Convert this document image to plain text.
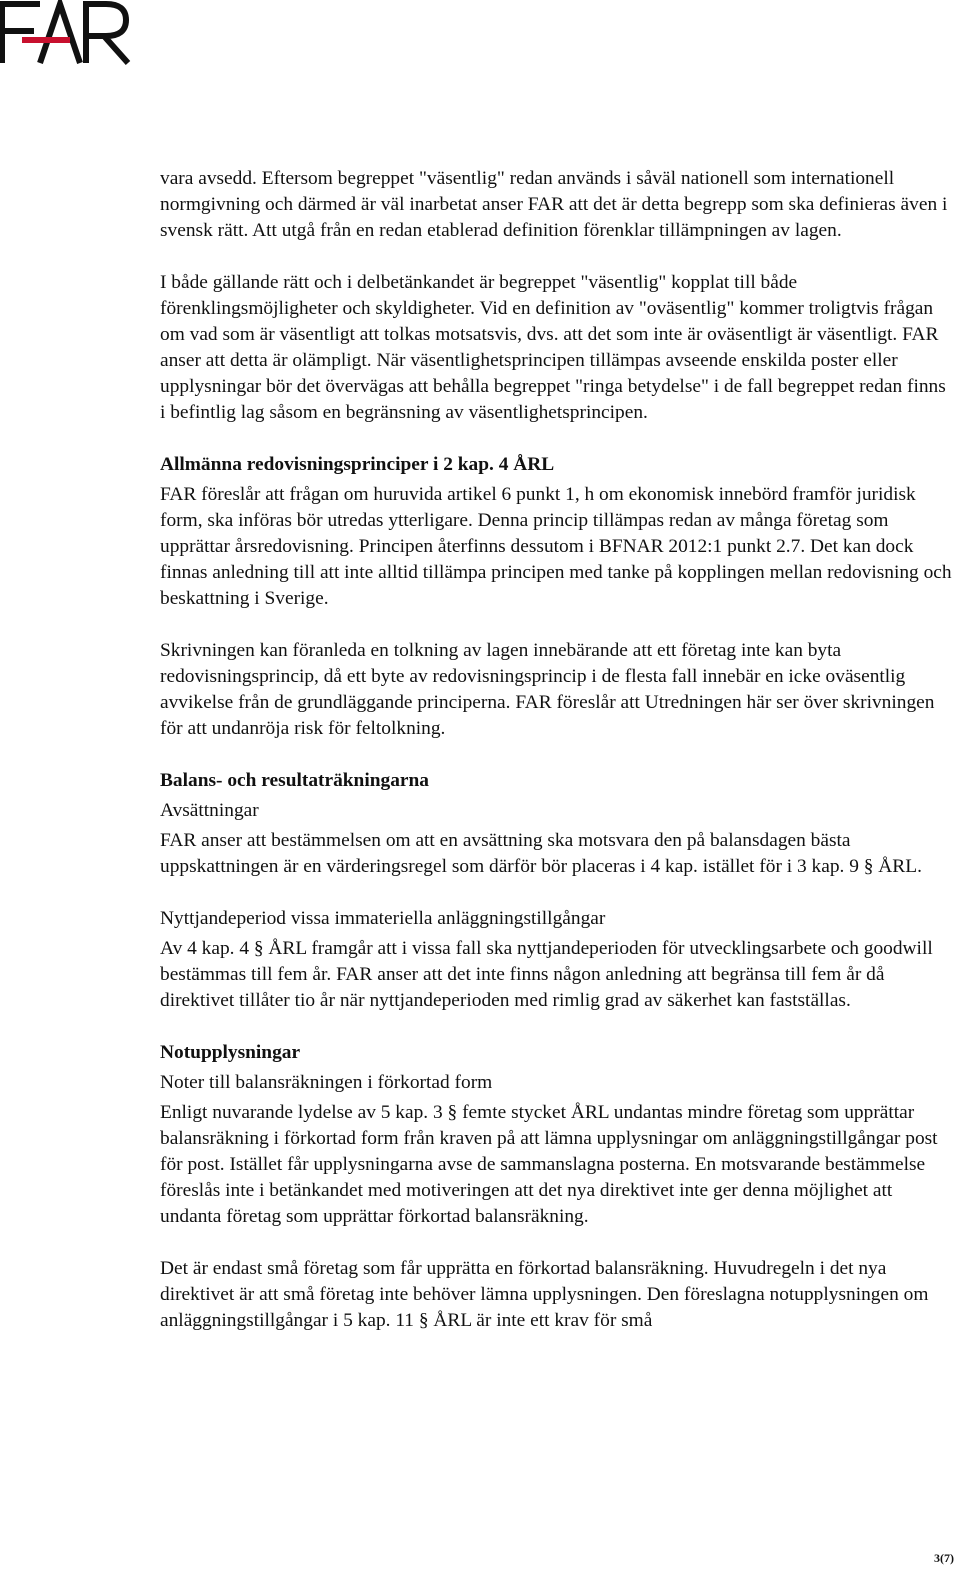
vara avsedd. Eftersom begreppet "väsentlig" redan används i såväl nationell som internationell normgivning och därmed är väl inarbetat anser FAR att det är detta begrepp som ska definieras även i svensk rätt. Att utgå från en redan etablerad definition förenklar tillämpningen av lagen.

I både gällande rätt och i delbetänkandet är begreppet "väsentlig" kopplat till både förenklingsmöjligheter och skyldigheter. Vid en definition av "oväsentlig" kommer troligtvis frågan om vad som är väsentligt att tolkas motsatsvis, dvs. att det som inte är oväsentligt är väsentligt. FAR anser att detta är olämpligt. När väsentlighetsprincipen tillämpas avseende enskilda poster eller upplysningar bör det övervägas att behålla begreppet "ringa betydelse" i de fall begreppet redan finns i befintlig lag såsom en begränsning av väsentlighetsprincipen.

Allmänna redovisningsprinciper i 2 kap. 4 ÅRL

FAR föreslår att frågan om huruvida artikel 6 punkt 1, h om ekonomisk innebörd framför juridisk form, ska införas bör utredas ytterligare. Denna princip tillämpas redan av många företag som upprättar årsredovisning. Principen återfinns dessutom i BFNAR 2012:1 punkt 2.7. Det kan dock finnas anledning till att inte alltid tillämpa principen med tanke på kopplingen mellan redovisning och beskattning i Sverige.

Skrivningen kan föranleda en tolkning av lagen innebärande att ett företag inte kan byta redovisningsprincip, då ett byte av redovisningsprincip i de flesta fall innebär en icke oväsentlig avvikelse från de grundläggande principerna. FAR föreslår att Utredningen här ser över skrivningen för att undanröja risk för feltolkning.

Balans- och resultaträkningarna
Avsättningar

FAR anser att bestämmelsen om att en avsättning ska motsvara den på balansdagen bästa uppskattningen är en värderingsregel som därför bör placeras i 4 kap. istället för i 3 kap. 9 § ÅRL.

Nyttjandeperiod vissa immateriella anläggningstillgångar

Av 4 kap. 4 § ÅRL framgår att i vissa fall ska nyttjandeperioden för utvecklingsarbete och goodwill bestämmas till fem år. FAR anser att det inte finns någon anledning att begränsa till fem år då direktivet tillåter tio år när nyttjandeperioden med rimlig grad av säkerhet kan fastställas.

Notupplysningar
Noter till balansräkningen i förkortad form

Enligt nuvarande lydelse av 5 kap. 3 § femte stycket ÅRL undantas mindre företag som upprättar balansräkning i förkortad form från kraven på att lämna upplysningar om anläggningstillgångar post för post. Istället får upplysningarna avse de sammanslagna posterna. En motsvarande bestämmelse föreslås inte i betänkandet med motiveringen att det nya direktivet inte ger denna möjlighet att undanta företag som upprättar förkortad balansräkning.

Det är endast små företag som får upprätta en förkortad balansräkning. Huvudregeln i det nya direktivet är att små företag inte behöver lämna upplysningen. Den föreslagna notupplysningen om anläggningstillgångar i 5 kap. 11 § ÅRL är inte ett krav för små

3(7)
